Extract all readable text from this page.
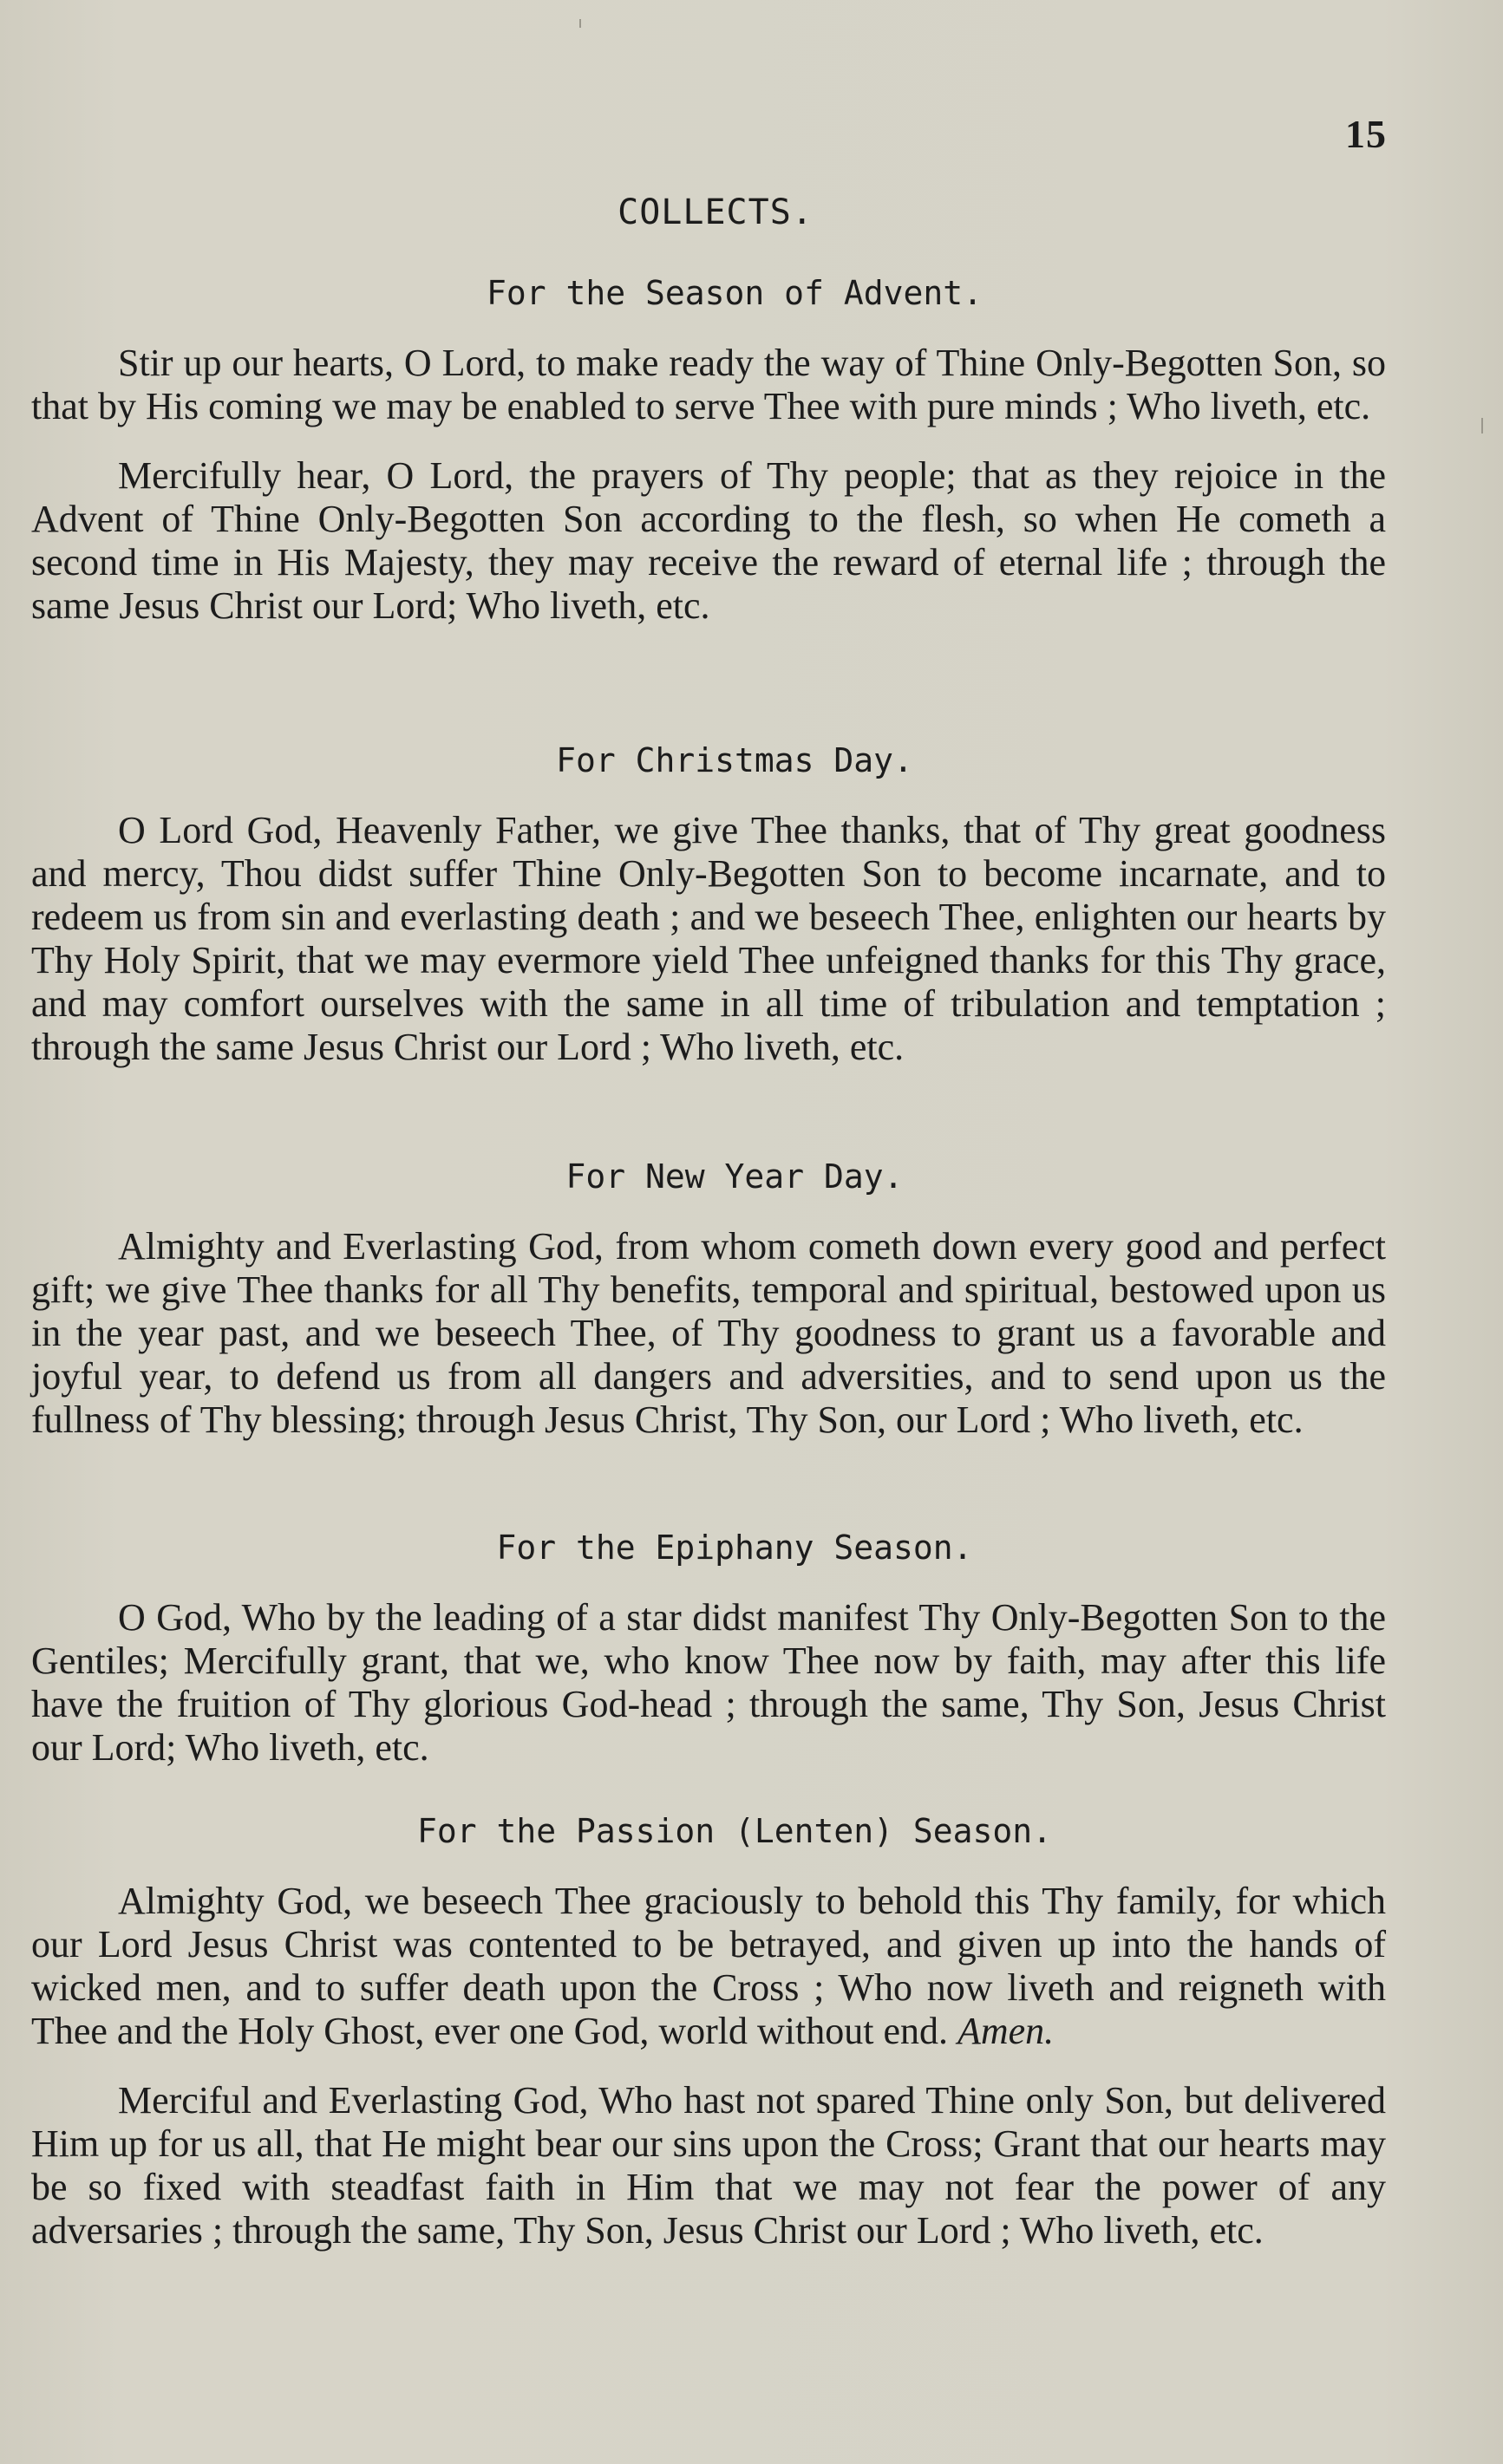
15
COLLECTS.
For the Season of Advent.

Stir up our hearts, O Lord, to make ready the way of Thine Only-Begotten Son, so that by His coming we may be enabled to serve Thee with pure minds ; Who liveth, etc.

Mercifully hear, O Lord, the prayers of Thy people; that as they rejoice in the Advent of Thine Only-Begotten Son according to the flesh, so when He cometh a second time in His Majesty, they may receive the reward of eternal life ; through the same Jesus Christ our Lord; Who liveth, etc.

For Christmas Day.

O Lord God, Heavenly Father, we give Thee thanks, that of Thy great goodness and mercy, Thou didst suffer Thine Only-Begotten Son to become incarnate, and to redeem us from sin and everlasting death ; and we beseech Thee, enlighten our hearts by Thy Holy Spirit, that we may evermore yield Thee unfeigned thanks for this Thy grace, and may comfort ourselves with the same in all time of tribulation and temptation ; through the same Jesus Christ our Lord ; Who liveth, etc.

For New Year Day.

Almighty and Everlasting God, from whom cometh down every good and perfect gift; we give Thee thanks for all Thy benefits, temporal and spiritual, bestowed upon us in the year past, and we beseech Thee, of Thy goodness to grant us a favorable and joyful year, to defend us from all dangers and adversities, and to send upon us the fullness of Thy blessing; through Jesus Christ, Thy Son, our Lord ; Who liveth, etc.

For the Epiphany Season.

O God, Who by the leading of a star didst manifest Thy Only-Begotten Son to the Gentiles; Mercifully grant, that we, who know Thee now by faith, may after this life have the fruition of Thy glorious God-head ; through the same, Thy Son, Jesus Christ our Lord; Who liveth, etc.

For the Passion (Lenten) Season.

Almighty God, we beseech Thee graciously to behold this Thy family, for which our Lord Jesus Christ was contented to be betrayed, and given up into the hands of wicked men, and to suffer death upon the Cross ; Who now liveth and reigneth with Thee and the Holy Ghost, ever one God, world without end. Amen.

Merciful and Everlasting God, Who hast not spared Thine only Son, but delivered Him up for us all, that He might bear our sins upon the Cross; Grant that our hearts may be so fixed with steadfast faith in Him that we may not fear the power of any adversaries ; through the same, Thy Son, Jesus Christ our Lord ; Who liveth, etc.
